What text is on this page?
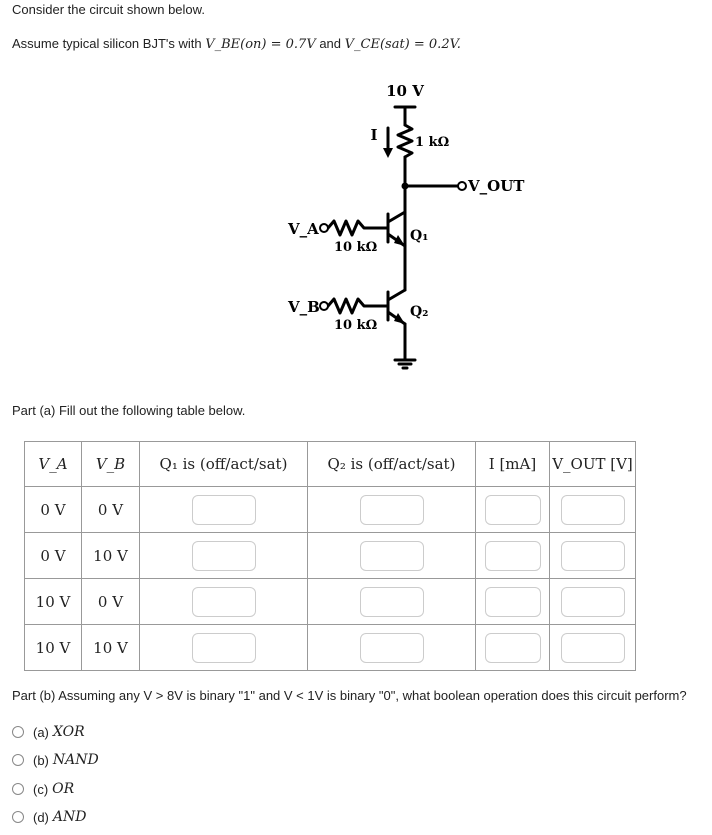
Consider the circuit shown below.

Assume typical silicon BJT's with V_BE(on) = 0.7V and V_CE(sat) = 0.2V.

10 V
I	1 kΩ
V_OUT
V_A
10 kΩ
Q₁
V_B
10 kΩ
Q₂

Part (a) Fill out the following table below.

V_A	V_B	Q₁ is (off/act/sat)	Q₂ is (off/act/sat)	I [mA]	V_OUT [V]
0 V	0 V	

0 V	10 V	

10 V	0 V	

10 V	10 V	

Part (b) Assuming any V > 8V is binary "1" and V < 1V is binary "0", what boolean operation does this circuit perform?

(a) XOR
(b) NAND
(c) OR
(d) AND
